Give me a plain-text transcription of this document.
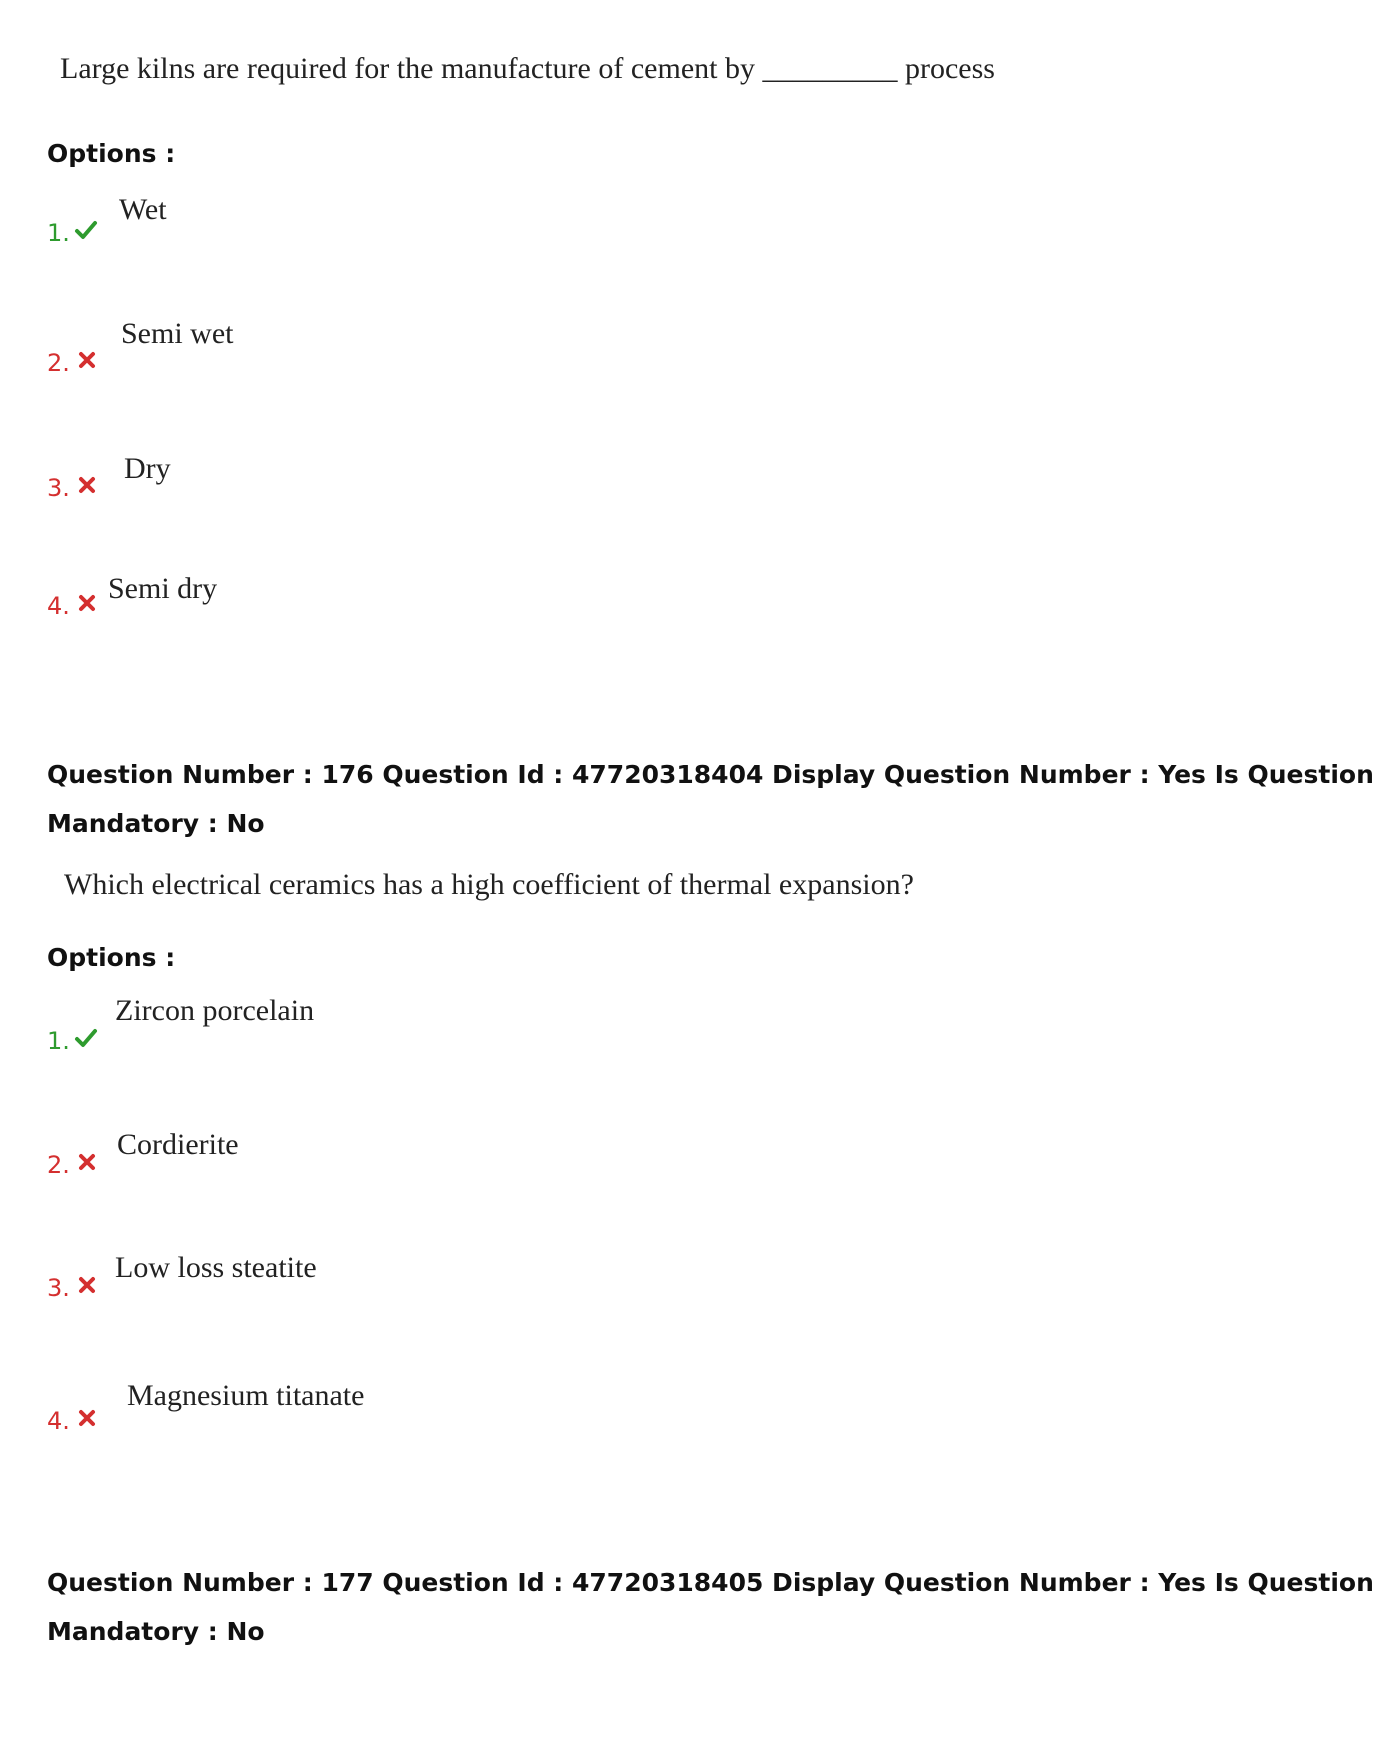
Large kilns are required for the manufacture of cement by _________ process
Options :
1.
Wet
2.
Semi wet
3.
Dry
4.
Semi dry
Question Number : 176 Question Id : 47720318404 Display Question Number : Yes Is Question
Mandatory : No
Which electrical ceramics has a high coefficient of thermal expansion?
Options :
1.
Zircon porcelain
2.
Cordierite
3.
Low loss steatite
4.
Magnesium titanate
Question Number : 177 Question Id : 47720318405 Display Question Number : Yes Is Question
Mandatory : No
